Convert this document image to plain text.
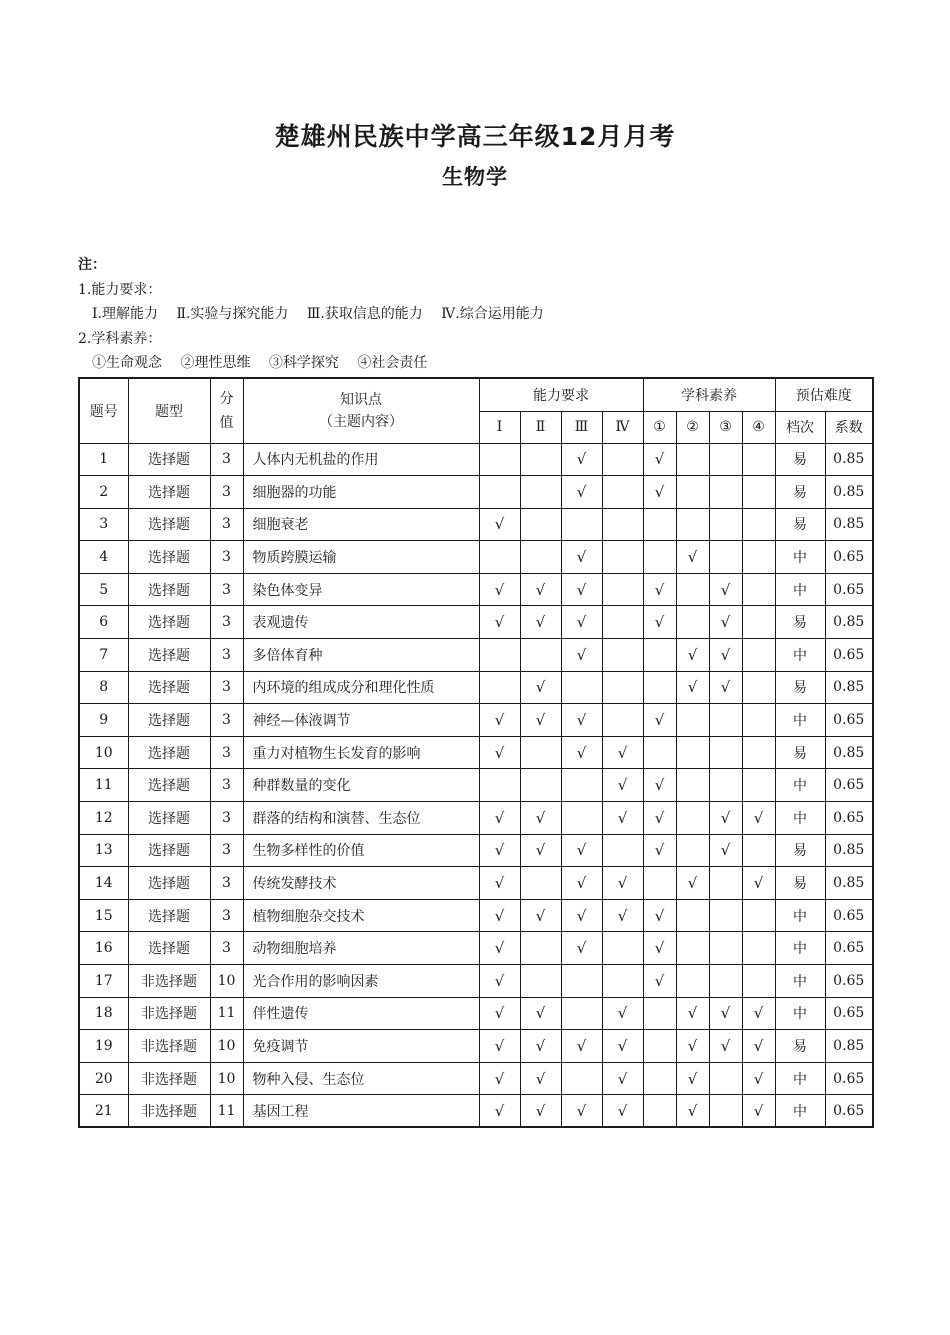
楚雄州民族中学高三年级12月月考
生物学
注：
1.能力要求：
Ⅰ.理解能力 Ⅱ.实验与探究能力 Ⅲ.获取信息的能力 Ⅳ.综合运用能力
2.学科素养：
①生命观念 ②理性思维 ③科学探究 ④社会责任
题号	题型	分值	知识点
（主题内容）	能力要求				学科素养				预估难度	
				Ⅰ	Ⅱ	Ⅲ	Ⅳ	①	②	③	④	档次	系数
1	选择题	3	人体内无机盐的作用			√		√				易	0.85
2	选择题	3	细胞器的功能			√		√				易	0.85
3	选择题	3	细胞衰老	√								易	0.85
4	选择题	3	物质跨膜运输			√			√			中	0.65
5	选择题	3	染色体变异	√	√	√		√		√		中	0.65
6	选择题	3	表观遗传	√	√	√		√		√		易	0.85
7	选择题	3	多倍体育种			√			√	√		中	0.65
8	选择题	3	内环境的组成成分和理化性质		√				√	√		易	0.85
9	选择题	3	神经—体液调节	√	√	√		√				中	0.65
10	选择题	3	重力对植物生长发育的影响	√		√	√					易	0.85
11	选择题	3	种群数量的变化				√	√				中	0.65
12	选择题	3	群落的结构和演替、生态位	√	√		√	√		√	√	中	0.65
13	选择题	3	生物多样性的价值	√	√	√		√		√		易	0.85
14	选择题	3	传统发酵技术	√		√	√		√		√	易	0.85
15	选择题	3	植物细胞杂交技术	√	√	√	√	√				中	0.65
16	选择题	3	动物细胞培养	√		√		√				中	0.65
17	非选择题	10	光合作用的影响因素	√				√				中	0.65
18	非选择题	11	伴性遗传	√	√		√		√	√	√	中	0.65
19	非选择题	10	免疫调节	√	√	√	√		√	√	√	易	0.85
20	非选择题	10	物种入侵、生态位	√	√		√		√		√	中	0.65
21	非选择题	11	基因工程	√	√	√	√		√		√	中	0.65
